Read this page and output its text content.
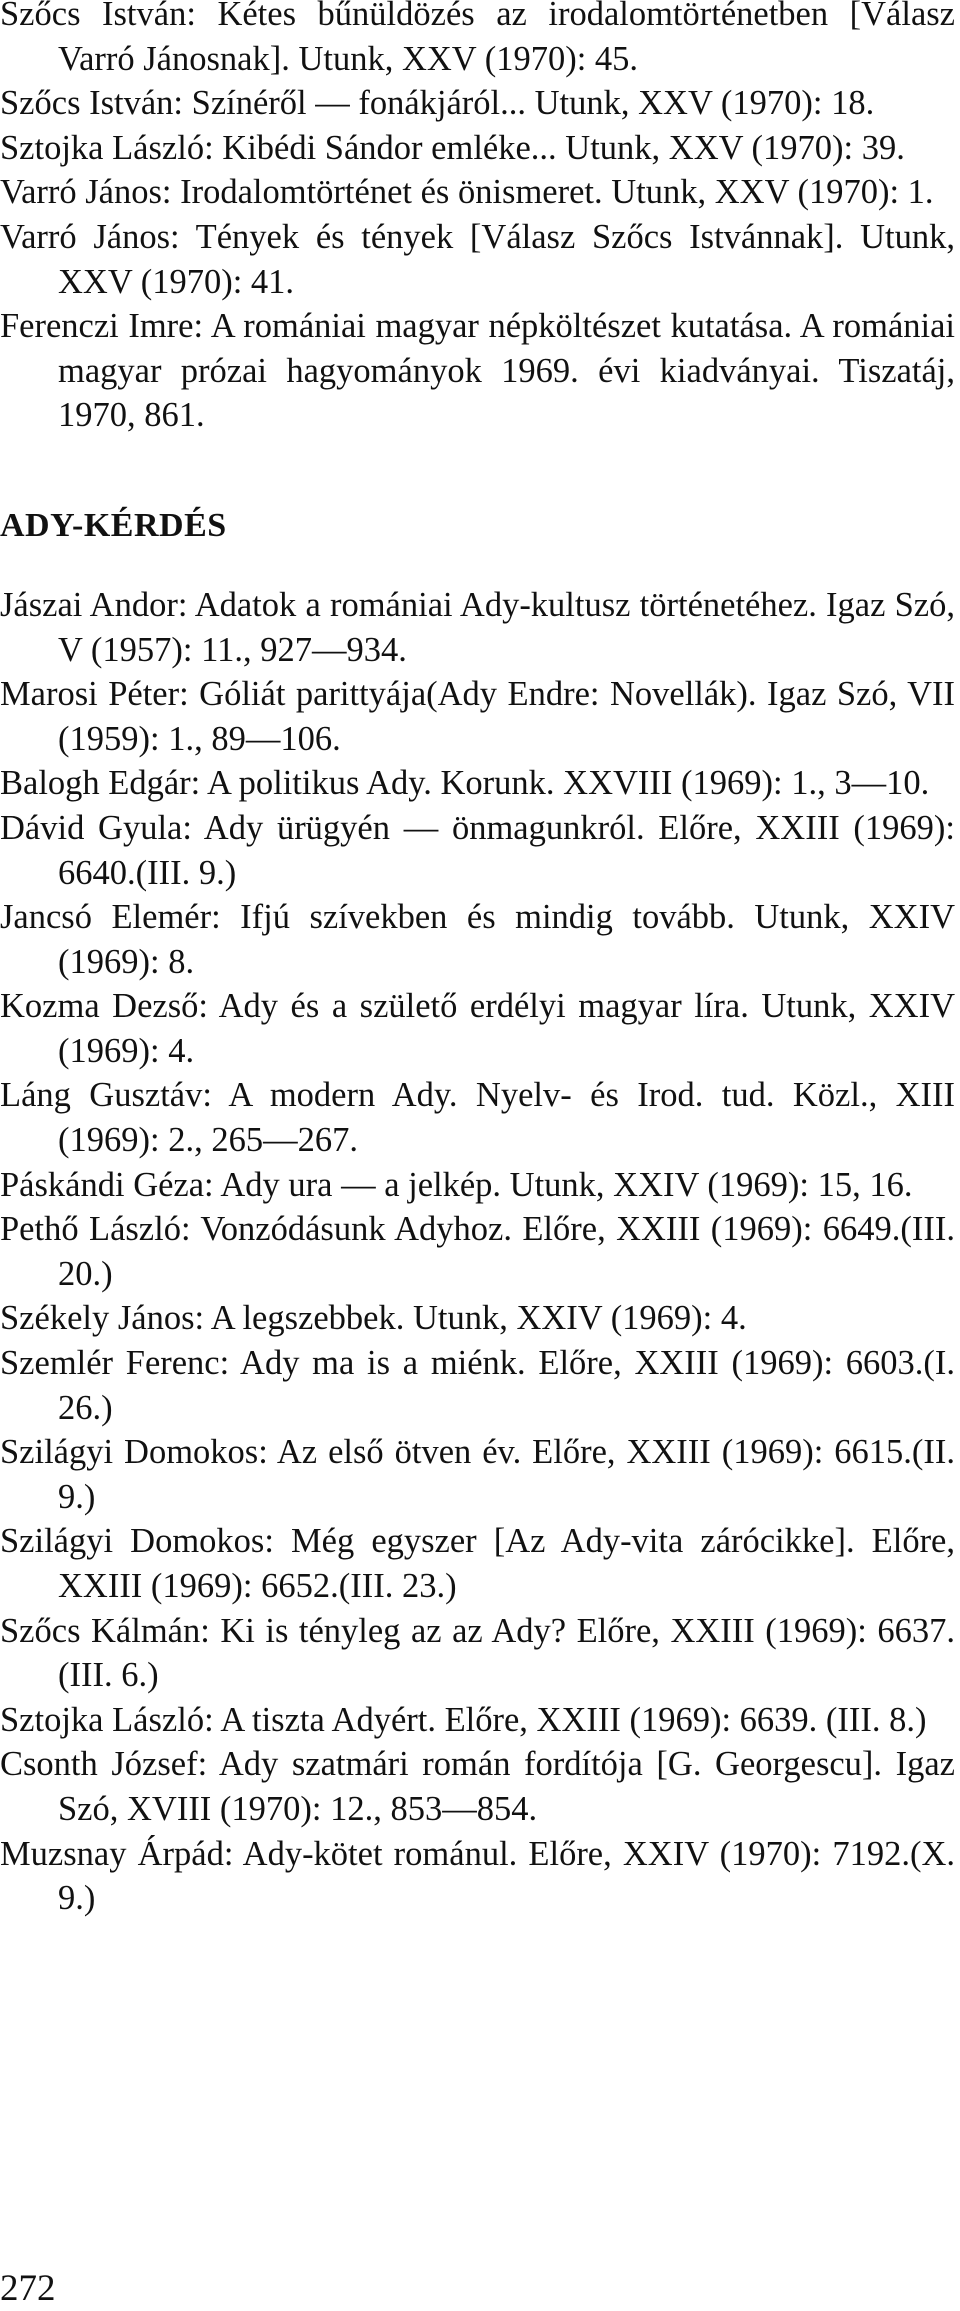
Szőcs István: Kétes bűnüldözés az irodalomtörténetben [Válasz Varró Jánosnak]. Utunk, XXV (1970): 45.

Szőcs István: Színéről — fonákjáról... Utunk, XXV (1970): 18.

Sztojka László: Kibédi Sándor emléke... Utunk, XXV (1970): 39.

Varró János: Irodalomtörténet és önismeret. Utunk, XXV (1970): 1.

Varró János: Tények és tények [Válasz Szőcs Istvánnak]. Utunk, XXV (1970): 41.

Ferenczi Imre: A romániai magyar népköltészet kutatása. A romániai magyar prózai hagyományok 1969. évi kiadványai. Tiszatáj, 1970, 861.

ADY-KÉRDÉS

Jászai Andor: Adatok a romániai Ady-kultusz történetéhez. Igaz Szó, V (1957): 11., 927—934.

Marosi Péter: Góliát parittyája(Ady Endre: Novellák). Igaz Szó, VII (1959): 1., 89—106.

Balogh Edgár: A politikus Ady. Korunk. XXVIII (1969): 1., 3—10.

Dávid Gyula: Ady ürügyén — önmagunkról. Előre, XXIII (1969): 6640.(III. 9.)

Jancsó Elemér: Ifjú szívekben és mindig tovább. Utunk, XXIV (1969): 8.

Kozma Dezső: Ady és a születő erdélyi magyar líra. Utunk, XXIV (1969): 4.

Láng Gusztáv: A modern Ady. Nyelv- és Irod. tud. Közl., XIII (1969): 2., 265—267.

Páskándi Géza: Ady ura — a jelkép. Utunk, XXIV (1969): 15, 16.

Pethő László: Vonzódásunk Adyhoz. Előre, XXIII (1969): 6649.(III. 20.)

Székely János: A legszebbek. Utunk, XXIV (1969): 4.

Szemlér Ferenc: Ady ma is a miénk. Előre, XXIII (1969): 6603.(I. 26.)

Szilágyi Domokos: Az első ötven év. Előre, XXIII (1969): 6615.(II. 9.)

Szilágyi Domokos: Még egyszer [Az Ady-vita zárócikke]. Előre, XXIII (1969): 6652.(III. 23.)

Szőcs Kálmán: Ki is tényleg az az Ady? Előre, XXIII (1969): 6637.(III. 6.)

Sztojka László: A tiszta Adyért. Előre, XXIII (1969): 6639. (III. 8.)

Csonth József: Ady szatmári román fordítója [G. Georgescu]. Igaz Szó, XVIII (1970): 12., 853—854.

Muzsnay Árpád: Ady-kötet románul. Előre, XXIV (1970): 7192.(X. 9.)

272
